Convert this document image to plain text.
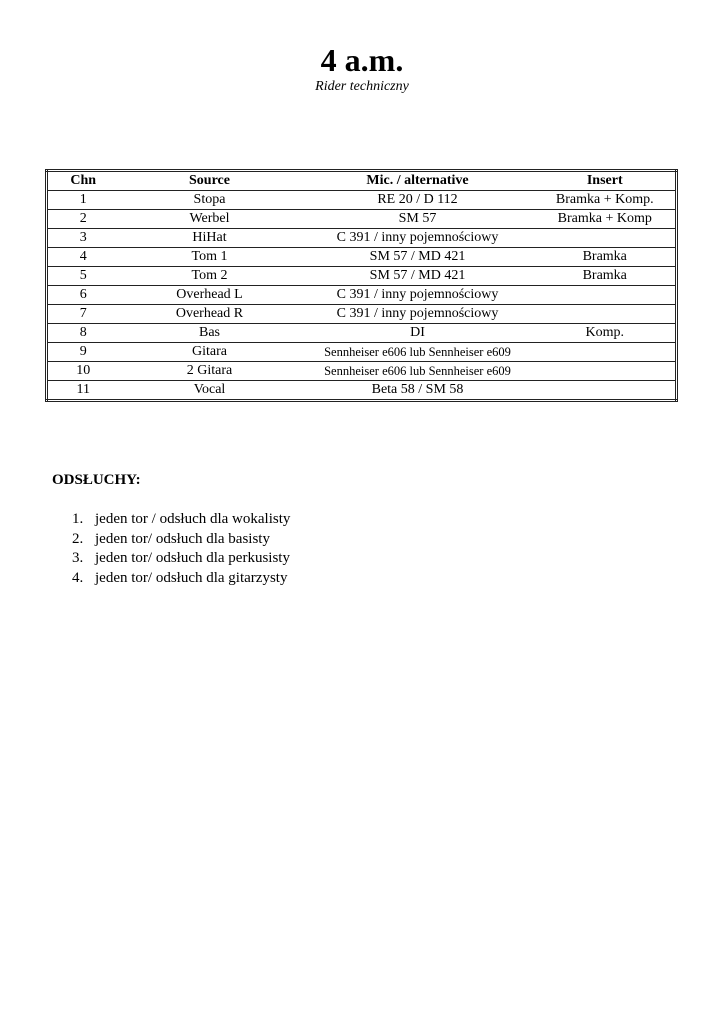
4 a.m.
Rider techniczny
Chn	Source	Mic. / alternative	Insert
1	Stopa	RE 20 / D 112	Bramka + Komp.
2	Werbel	SM 57	Bramka + Komp
3	HiHat	C 391 / inny pojemnościowy	
4	Tom 1	SM 57 / MD 421	Bramka
5	Tom 2	SM 57 / MD 421	Bramka
6	Overhead L	C 391 / inny pojemnościowy	
7	Overhead R	C 391 / inny pojemnościowy	
8	Bas	DI	Komp.
9	Gitara	Sennheiser e606 lub Sennheiser e609	
10	2 Gitara	Sennheiser e606 lub Sennheiser e609	
11	Vocal	Beta 58 / SM 58	
ODSŁUCHY:
1. jeden tor / odsłuch dla wokalisty
2. jeden tor/ odsłuch dla basisty
3. jeden tor/ odsłuch dla perkusisty
4. jeden tor/ odsłuch dla gitarzysty
